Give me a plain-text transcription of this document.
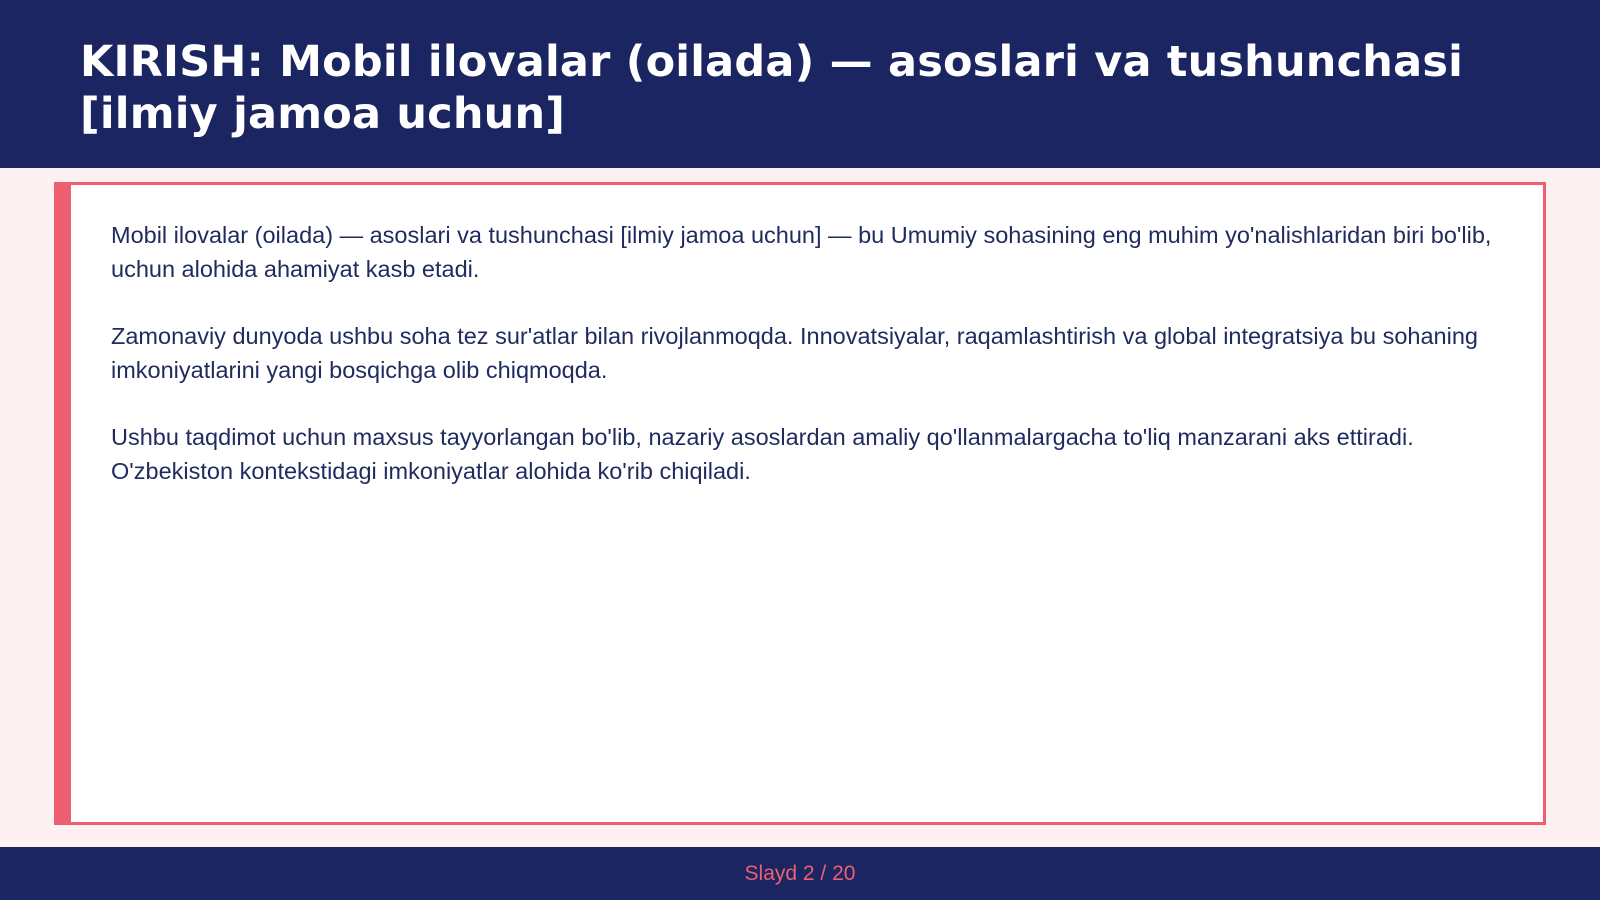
KIRISH: Mobil ilovalar (oilada) — asoslari va tushunchasi [ilmiy jamoa uchun]

Mobil ilovalar (oilada) — asoslari va tushunchasi [ilmiy jamoa uchun] — bu Umumiy sohasining eng muhim yo'nalishlaridan biri bo'lib, uchun alohida ahamiyat kasb etadi.

Zamonaviy dunyoda ushbu soha tez sur'atlar bilan rivojlanmoqda. Innovatsiyalar, raqamlashtirish va global integratsiya bu sohaning imkoniyatlarini yangi bosqichga olib chiqmoqda.

Ushbu taqdimot uchun maxsus tayyorlangan bo'lib, nazariy asoslardan amaliy qo'llanmalargacha to'liq manzarani aks ettiradi. O'zbekiston kontekstidagi imkoniyatlar alohida ko'rib chiqiladi.

Slayd 2 / 20
